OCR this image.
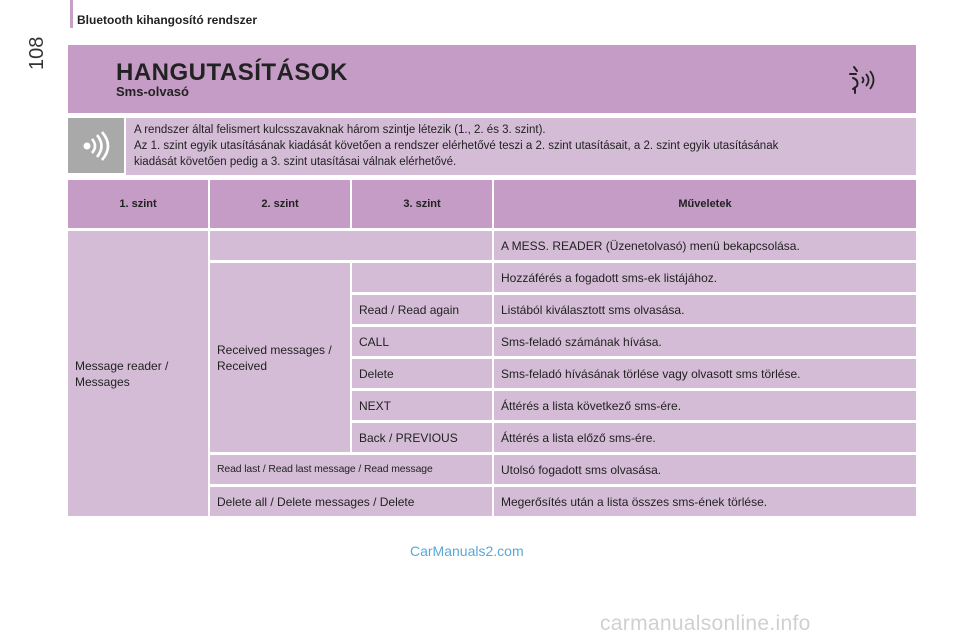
108
Bluetooth kihangosító rendszer
HANGUTASÍTÁSOK
Sms-olvasó
A rendszer által felismert kulcsszavaknak három szintje létezik (1., 2. és 3. szint).
Az 1. szint egyik utasításának kiadását követően a rendszer elérhetővé teszi a 2. szint utasításait, a 2. szint egyik utasításának
kiadását követően pedig a 3. szint utasításai válnak elérhetővé.
1. szint	2. szint	3. szint	Műveletek
Message reader / Messages			A MESS. READER (Üzenetolvasó) menü bekapcsolása.
	Received messages / Received		Hozzáférés a fogadott sms-ek listájához.
		Read / Read again	Listából kiválasztott sms olvasása.
		CALL	Sms-feladó számának hívása.
		Delete	Sms-feladó hívásának törlése vagy olvasott sms törlése.
		NEXT	Áttérés a lista következő sms-ére.
		Back / PREVIOUS	Áttérés a lista előző sms-ére.
	Read last / Read last message / Read message		Utolsó fogadott sms olvasása.
	Delete all / Delete messages / Delete		Megerősítés után a lista összes sms-ének törlése.
CarManuals2.com
carmanualsonline.info
